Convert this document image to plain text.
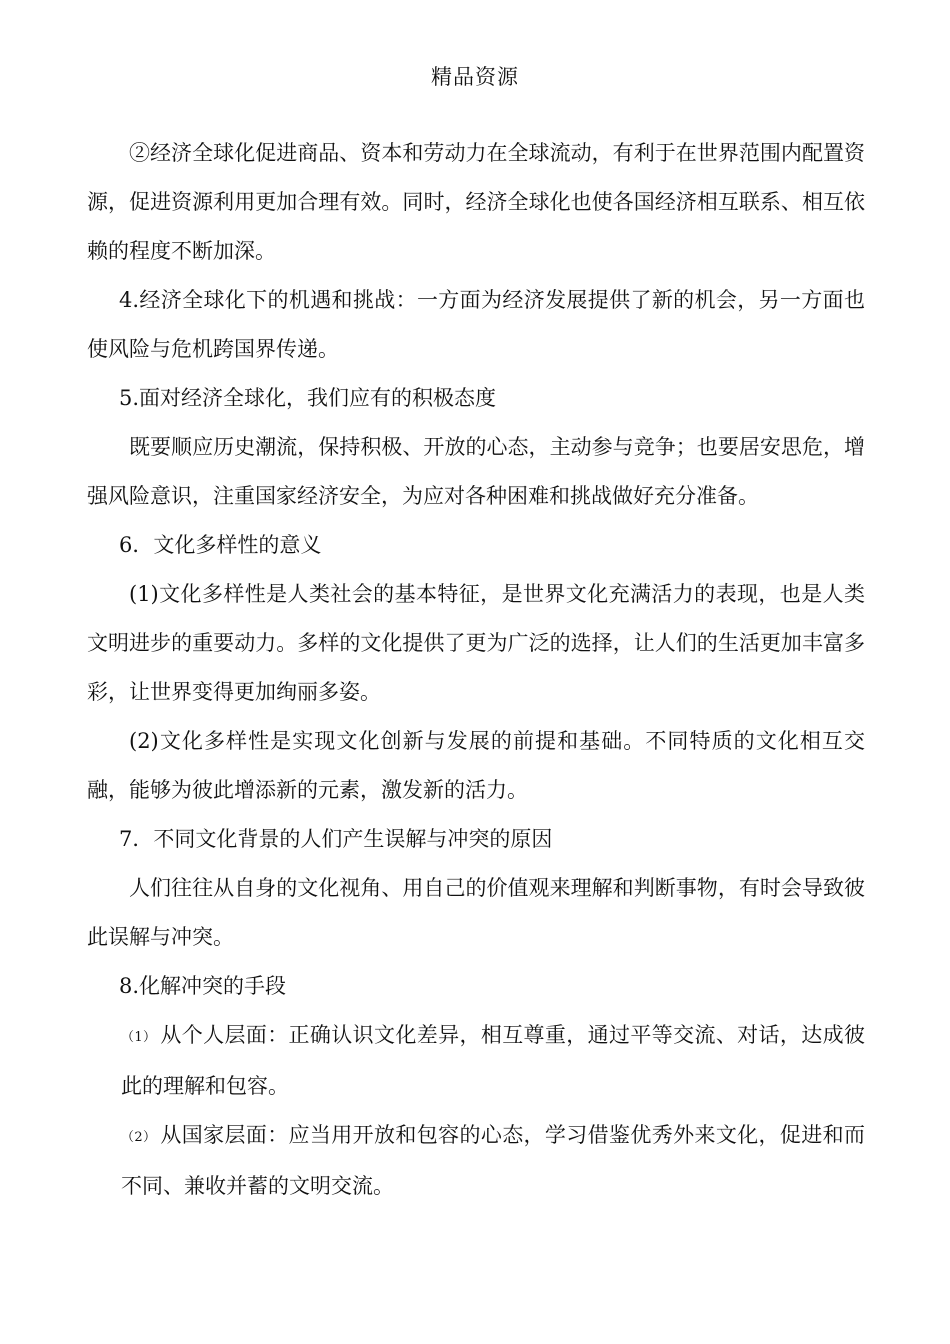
精品资源

②经济全球化促进商品、资本和劳动力在全球流动，有利于在世界范围内配置资源，促进资源利用更加合理有效。同时，经济全球化也使各国经济相互联系、相互依赖的程度不断加深。

4.经济全球化下的机遇和挑战：一方面为经济发展提供了新的机会，另一方面也使风险与危机跨国界传递。

5.面对经济全球化，我们应有的积极态度

既要顺应历史潮流，保持积极、开放的心态，主动参与竞争；也要居安思危，增强风险意识，注重国家经济安全，为应对各种困难和挑战做好充分准备。

6．文化多样性的意义

(1)文化多样性是人类社会的基本特征，是世界文化充满活力的表现，也是人类文明进步的重要动力。多样的文化提供了更为广泛的选择，让人们的生活更加丰富多彩，让世界变得更加绚丽多姿。

(2)文化多样性是实现文化创新与发展的前提和基础。不同特质的文化相互交融，能够为彼此增添新的元素，激发新的活力。

7．不同文化背景的人们产生误解与冲突的原因

人们往往从自身的文化视角、用自己的价值观来理解和判断事物，有时会导致彼此误解与冲突。

8.化解冲突的手段

（1） 从个人层面：正确认识文化差异，相互尊重，通过平等交流、对话，达成彼此的理解和包容。

（2） 从国家层面：应当用开放和包容的心态，学习借鉴优秀外来文化，促进和而不同、兼收并蓄的文明交流。
